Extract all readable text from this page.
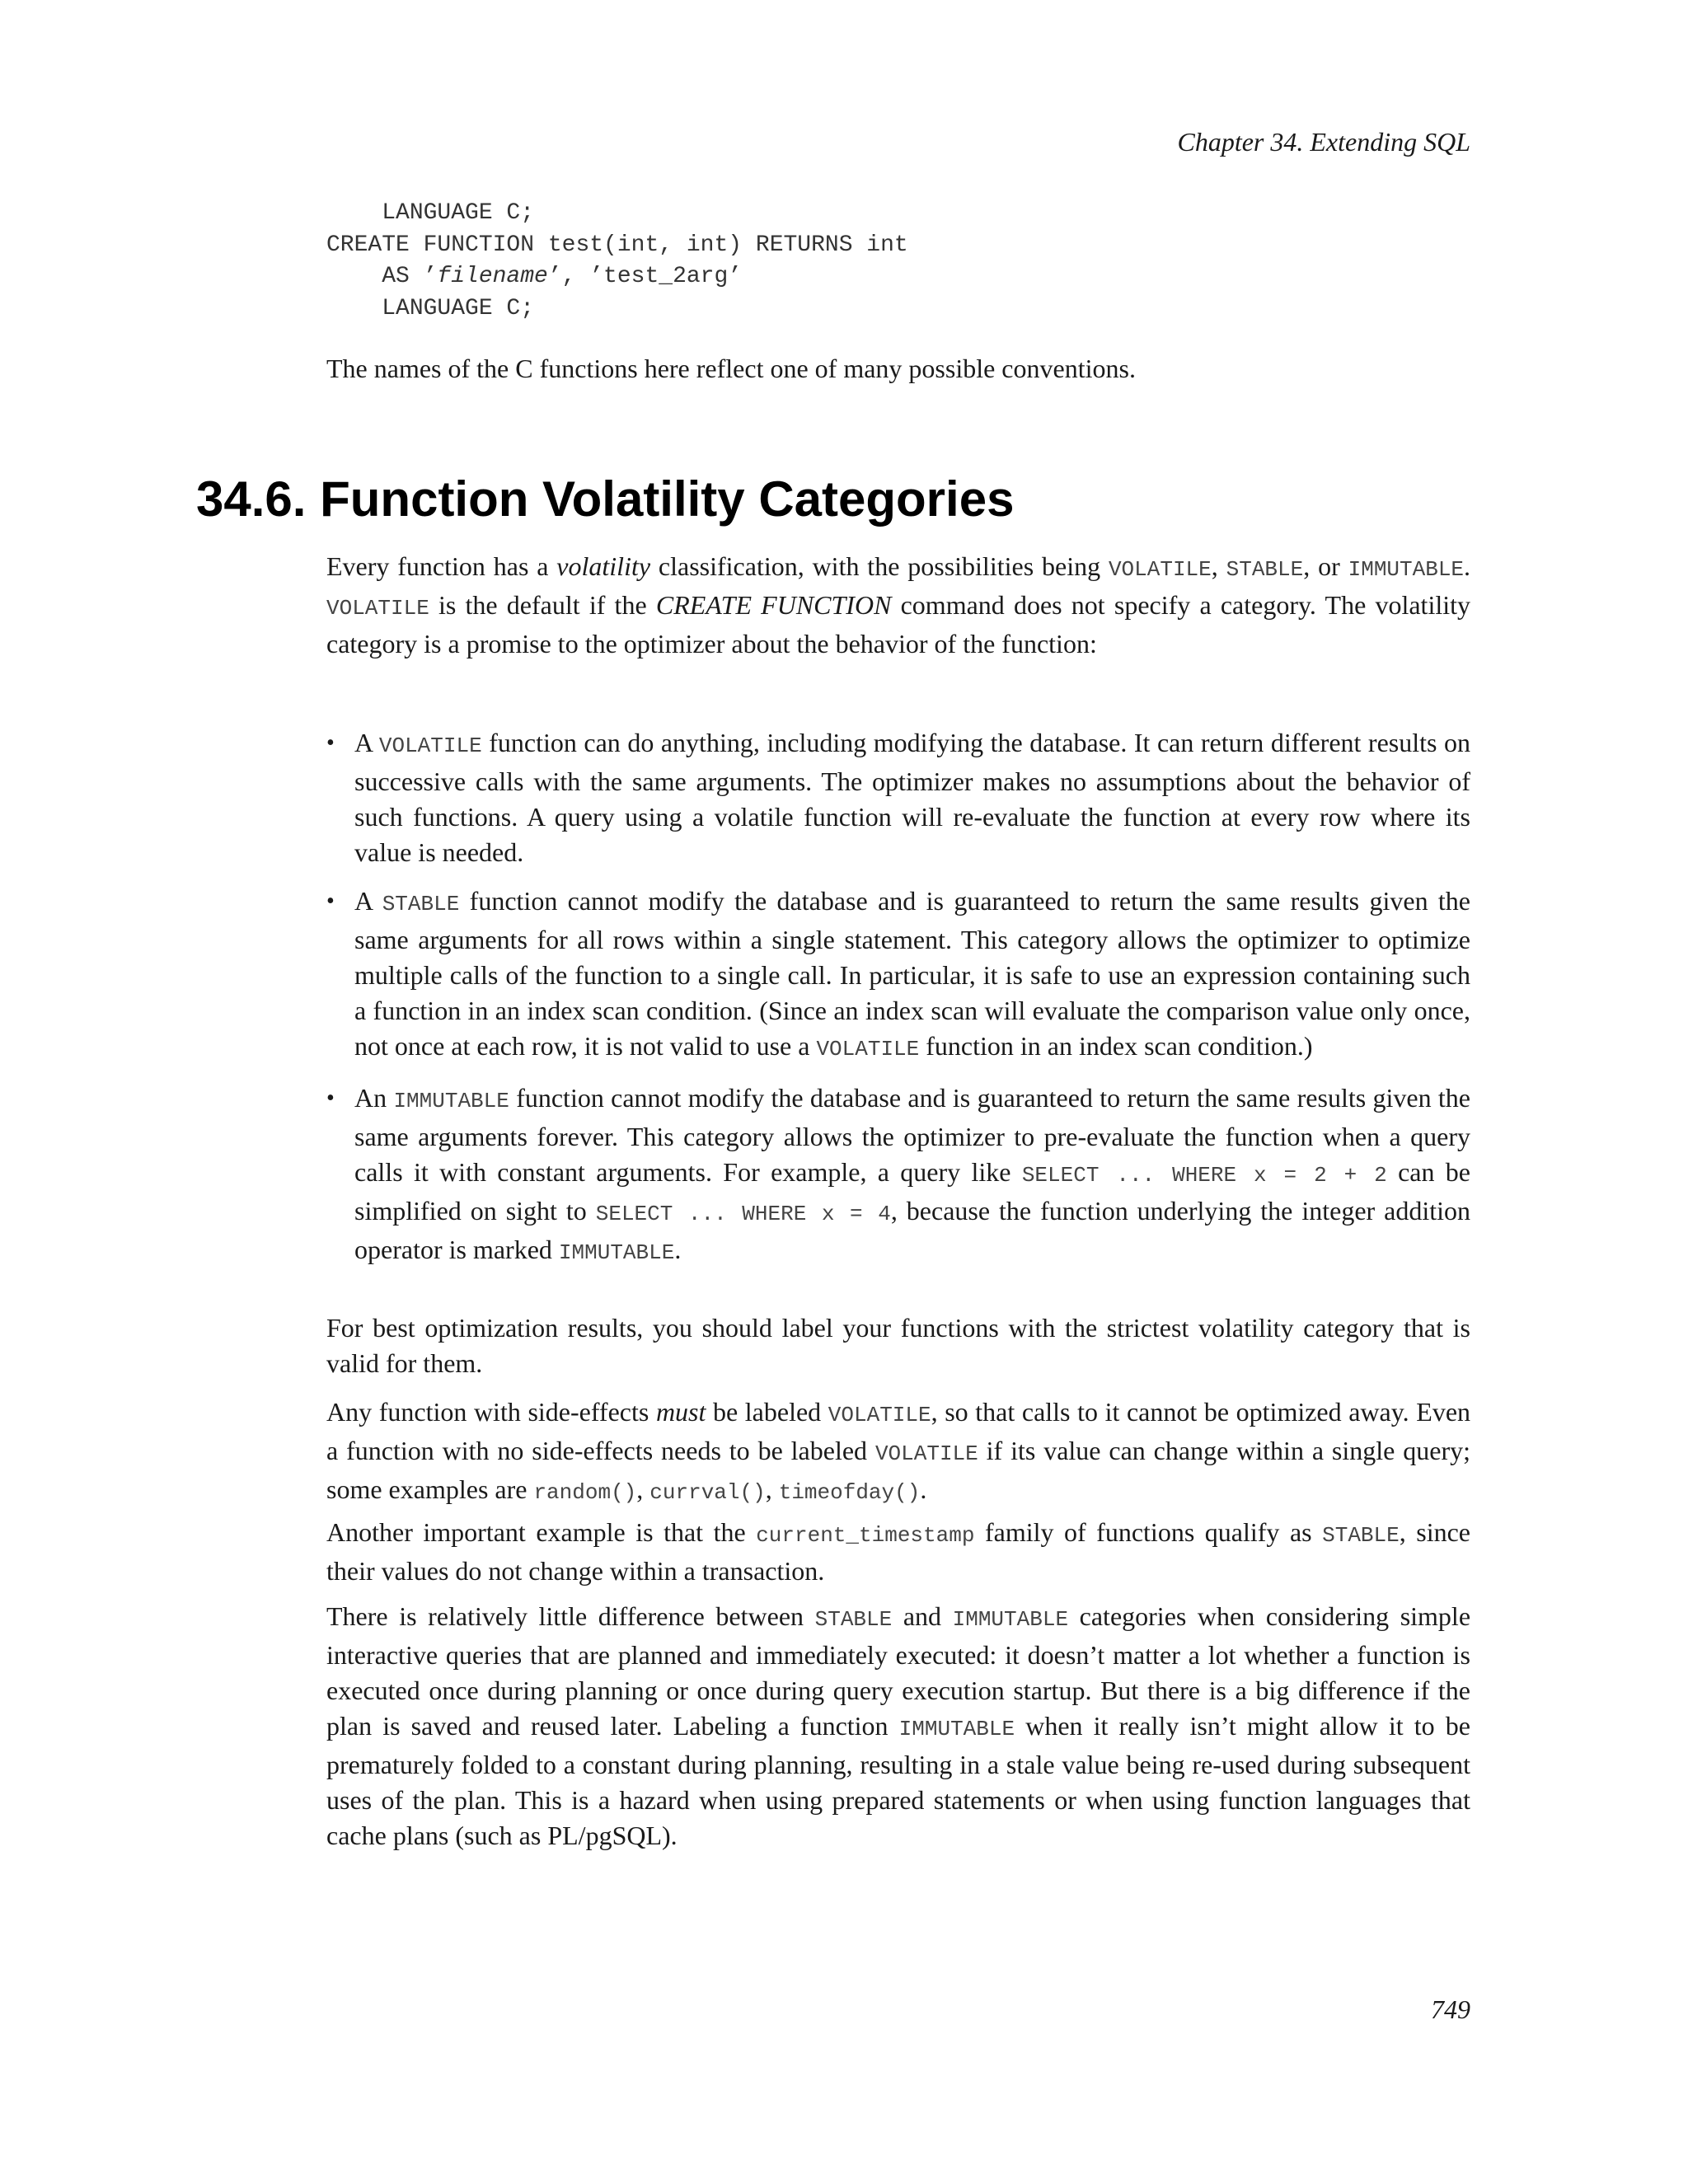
Chapter 34. Extending SQL
LANGUAGE C;
CREATE FUNCTION test(int, int) RETURNS int
AS ’filename’, ’test_2arg’
LANGUAGE C;

The names of the C functions here reflect one of many possible conventions.

34.6. Function Volatility Categories

Every function has a volatility classification, with the possibilities being VOLATILE, STABLE, or IMMUTABLE. VOLATILE is the default if the CREATE FUNCTION command does not specify a category. The volatility category is a promise to the optimizer about the behavior of the function:

• A VOLATILE function can do anything, including modifying the database. It can return different results on successive calls with the same arguments. The optimizer makes no assumptions about the behavior of such functions. A query using a volatile function will re-evaluate the function at every row where its value is needed.
• A STABLE function cannot modify the database and is guaranteed to return the same results given the same arguments for all rows within a single statement. This category allows the optimizer to optimize multiple calls of the function to a single call. In particular, it is safe to use an expression containing such a function in an index scan condition. (Since an index scan will evaluate the comparison value only once, not once at each row, it is not valid to use a VOLATILE function in an index scan condition.)
• An IMMUTABLE function cannot modify the database and is guaranteed to return the same results given the same arguments forever. This category allows the optimizer to pre-evaluate the function when a query calls it with constant arguments. For example, a query like SELECT ... WHERE x = 2 + 2 can be simplified on sight to SELECT ... WHERE x = 4, because the function underlying the integer addition operator is marked IMMUTABLE.

For best optimization results, you should label your functions with the strictest volatility category that is valid for them.

Any function with side-effects must be labeled VOLATILE, so that calls to it cannot be optimized away. Even a function with no side-effects needs to be labeled VOLATILE if its value can change within a single query; some examples are random(), currval(), timeofday().

Another important example is that the current_timestamp family of functions qualify as STABLE, since their values do not change within a transaction.

There is relatively little difference between STABLE and IMMUTABLE categories when considering simple interactive queries that are planned and immediately executed: it doesn’t matter a lot whether a function is executed once during planning or once during query execution startup. But there is a big difference if the plan is saved and reused later. Labeling a function IMMUTABLE when it really isn’t might allow it to be prematurely folded to a constant during planning, resulting in a stale value being re-used during subsequent uses of the plan. This is a hazard when using prepared statements or when using function languages that cache plans (such as PL/pgSQL).

749
